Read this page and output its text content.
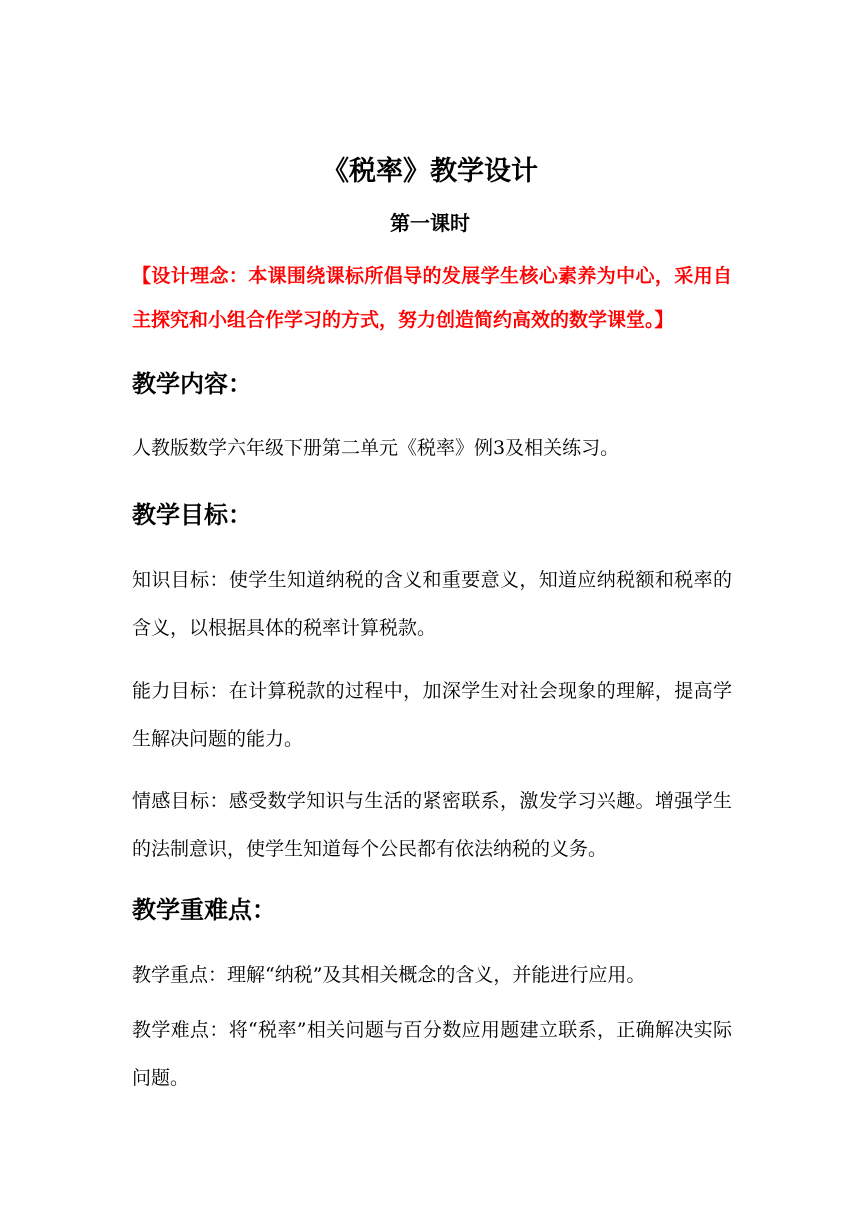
《税率》教学设计
第一课时

【设计理念：本课围绕课标所倡导的发展学生核心素养为中心，采用自主探究和小组合作学习的方式，努力创造简约高效的数学课堂。】

教学内容：

人教版数学六年级下册第二单元《税率》例3及相关练习。

教学目标：

知识目标：使学生知道纳税的含义和重要意义，知道应纳税额和税率的含义，以根据具体的税率计算税款。

能力目标：在计算税款的过程中，加深学生对社会现象的理解，提高学生解决问题的能力。

情感目标：感受数学知识与生活的紧密联系，激发学习兴趣。增强学生的法制意识，使学生知道每个公民都有依法纳税的义务。

教学重难点：

教学重点：理解“纳税”及其相关概念的含义，并能进行应用。

教学难点：将“税率”相关问题与百分数应用题建立联系，正确解决实际问题。
